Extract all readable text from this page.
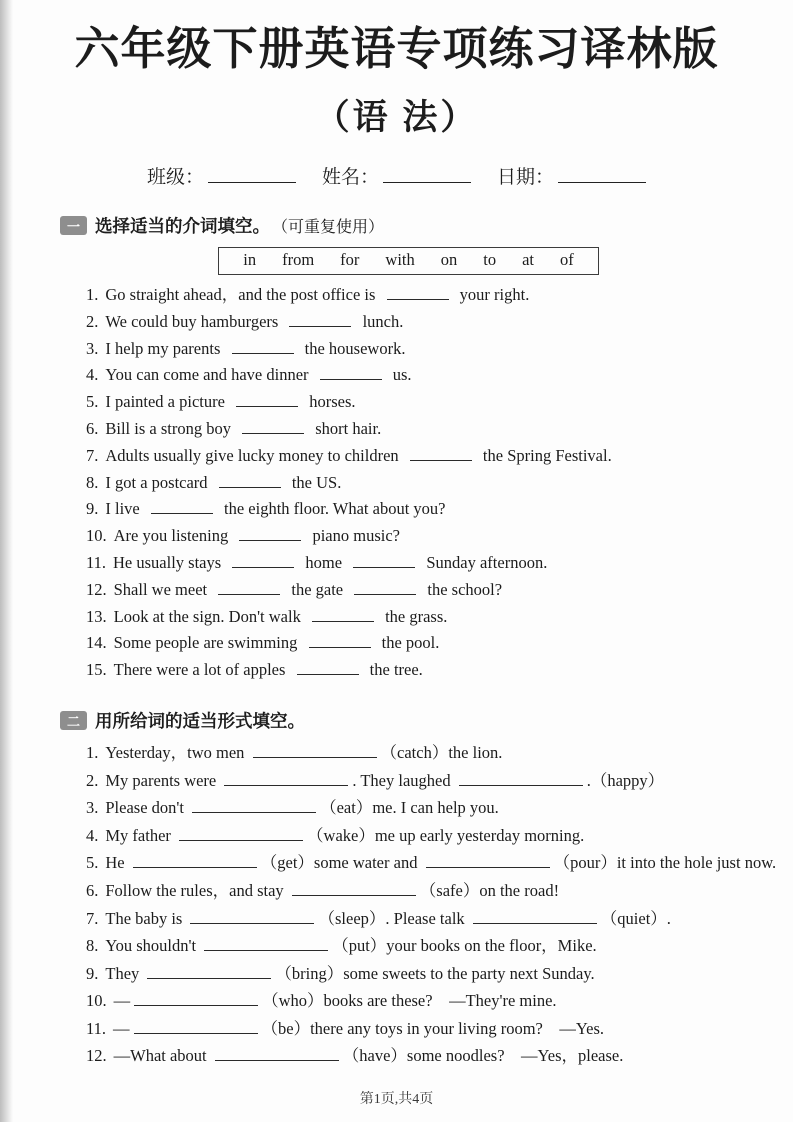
六年级下册英语专项练习译林版
（语 法）
班级：	姓名：	日期：
一 选择适当的介词填空。 （可重复使用）
in from for with on to at of
1. Go straight ahead，and the post office is	your right.
2. We could buy hamburgers	lunch.
3. I help my parents	the housework.
4. You can come and have dinner	us.
5. I painted a picture	horses.
6. Bill is a strong boy	short hair.
7. Adults usually give lucky money to children	the Spring Festival.
8. I got a postcard	the US.
9. I live	the eighth floor. What about you?
10. Are you listening	piano music?
11. He usually stays	home	Sunday afternoon.
12. Shall we meet	the gate	the school?
13. Look at the sign. Don't walk	the grass.
14. Some people are swimming	the pool.
15. There were a lot of apples	the tree.
二 用所给词的适当形式填空。
1. Yesterday，two men	（catch）the lion.
2. My parents were	. They laughed	.（happy）
3. Please don't	（eat）me. I can help you.
4. My father	（wake）me up early yesterday morning.
5. He	（get）some water and	（pour）it into the hole just now.
6. Follow the rules，and stay	（safe）on the road!
7. The baby is	（sleep）. Please talk	（quiet）.
8. You shouldn't	（put）your books on the floor，Mike.
9. They	（bring）some sweets to the party next Sunday.
10. —	（who）books are these?　—They're mine.
11. —	（be）there any toys in your living room?　—Yes.
12. —What about	（have）some noodles?　—Yes，please.
第1页,共4页
